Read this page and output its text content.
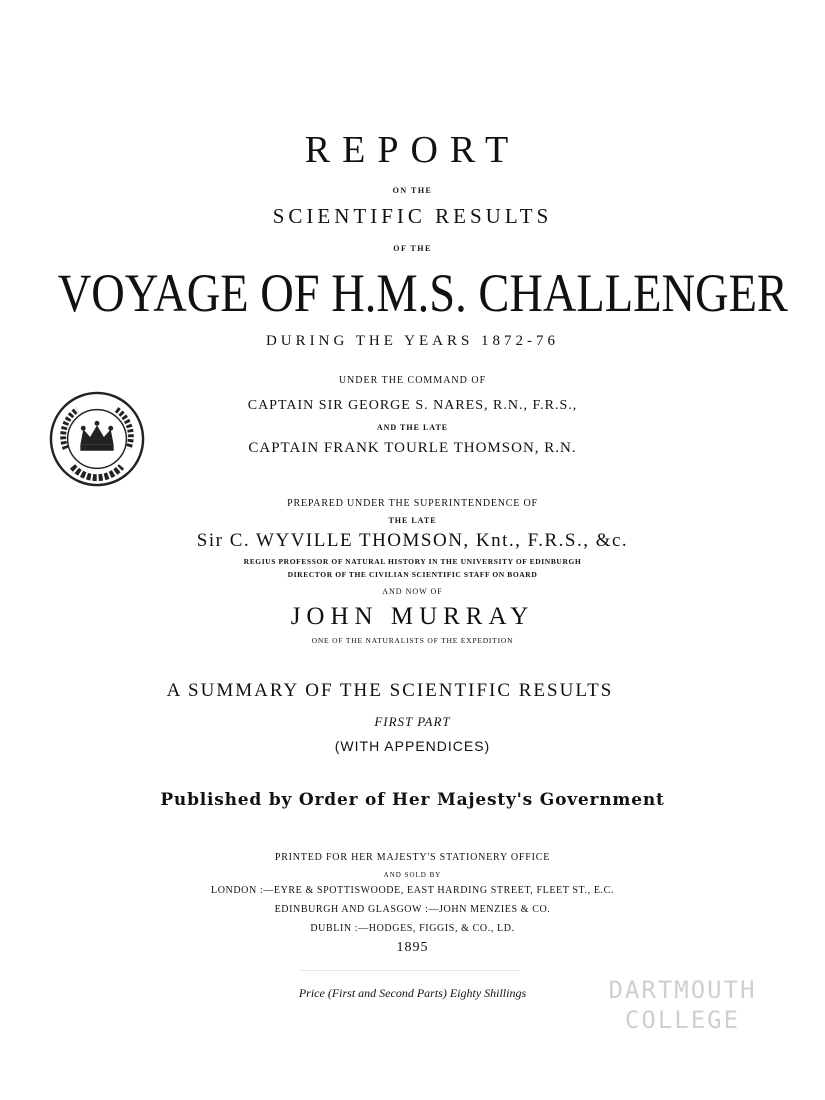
REPORT
ON THE
SCIENTIFIC RESULTS
OF THE
VOYAGE OF H.M.S. CHALLENGER
DURING THE YEARS 1872-76
UNDER THE COMMAND OF
CAPTAIN SIR GEORGE S. NARES, R.N., F.R.S.,
AND THE LATE
CAPTAIN FRANK TOURLE THOMSON, R.N.
PREPARED UNDER THE SUPERINTENDENCE OF
THE LATE
Sir C. WYVILLE THOMSON, Knt., F.R.S., &c.
REGIUS PROFESSOR OF NATURAL HISTORY IN THE UNIVERSITY OF EDINBURGH
DIRECTOR OF THE CIVILIAN SCIENTIFIC STAFF ON BOARD
AND NOW OF
JOHN MURRAY
ONE OF THE NATURALISTS OF THE EXPEDITION
A SUMMARY OF THE SCIENTIFIC RESULTS
FIRST PART
(WITH APPENDICES)
Published by Order of Her Majesty's Government
PRINTED FOR HER MAJESTY'S STATIONERY OFFICE
AND SOLD BY
LONDON :—EYRE & SPOTTISWOODE, EAST HARDING STREET, FLEET ST., E.C.
EDINBURGH AND GLASGOW :—JOHN MENZIES & CO.
DUBLIN :—HODGES, FIGGIS, & CO., LD.
1895
Price (First and Second Parts) Eighty Shillings	DARTMOUTH
COLLEGE
